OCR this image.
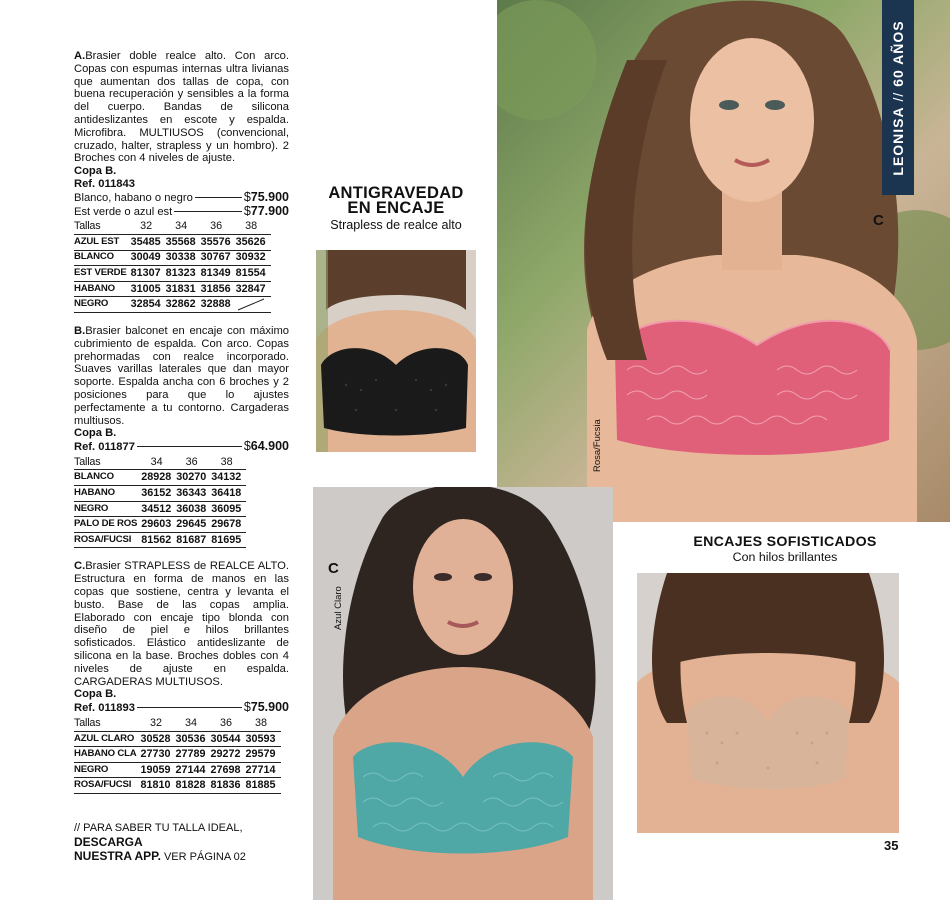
A.Brasier doble realce alto. Con arco. Copas con espumas internas ultra livianas que aumentan dos tallas de copa, con buena recuperación y sensibles a la forma del cuerpo. Bandas de silicona antideslizantes en escote y espalda. Microfibra. MULTIUSOS (convencional, cruzado, halter, strapless y un hombro). 2 Broches con 4 niveles de ajuste.

Copa B.
Ref. 011843
Blanco, habano o negro	$75.900
Est verde o azul est	$77.900
Tallas	32	34	36	38
AZUL EST	35485	35568	35576	35626
BLANCO	30049	30338	30767	30932
EST VERDE	81307	81323	81349	81554
HABANO	31005	31831	31856	32847
NEGRO	32854	32862	32888	

B.Brasier balconet en encaje con máximo cubrimiento de espalda. Con arco. Copas prehormadas con realce incorporado. Suaves varillas laterales que dan mayor soporte. Espalda ancha con 6 broches y 2 posiciones para que lo ajustes perfectamente a tu contorno. Cargaderas multiusos.

Copa B.
Ref. 011877	$64.900
Tallas	34	36	38
BLANCO	28928	30270	34132
HABANO	36152	36343	36418
NEGRO	34512	36038	36095
PALO DE ROS	29603	29645	29678
ROSA/FUCSI	81562	81687	81695

C.Brasier STRAPLESS de REALCE ALTO. Estructura en forma de manos en las copas que sostiene, centra y levanta el busto. Base de las copas amplia. Elaborado con encaje tipo blonda con diseño de piel e hilos brillantes sofisticados. Elástico antideslizante de silicona en la base. Broches dobles con 4 niveles de ajuste en espalda. CARGADERAS MULTIUSOS.

Copa B.
Ref. 011893	$75.900
Tallas	32	34	36	38
AZUL CLARO	30528	30536	30544	30593
HABANO CLA	27730	27789	29272	29579
NEGRO	19059	27144	27698	27714
ROSA/FUCSI	81810	81828	81836	81885
// PARA SABER TU TALLA IDEAL, DESCARGA
NUESTRA APP. VER PÁGINA 02
LEONISA // 60 AÑOS
C
Rosa/Fucsia
ANTIGRAVEDAD
EN ENCAJE
Strapless de realce alto
C
Azul Claro
ENCAJES SOFISTICADOS
Con hilos brillantes
35
